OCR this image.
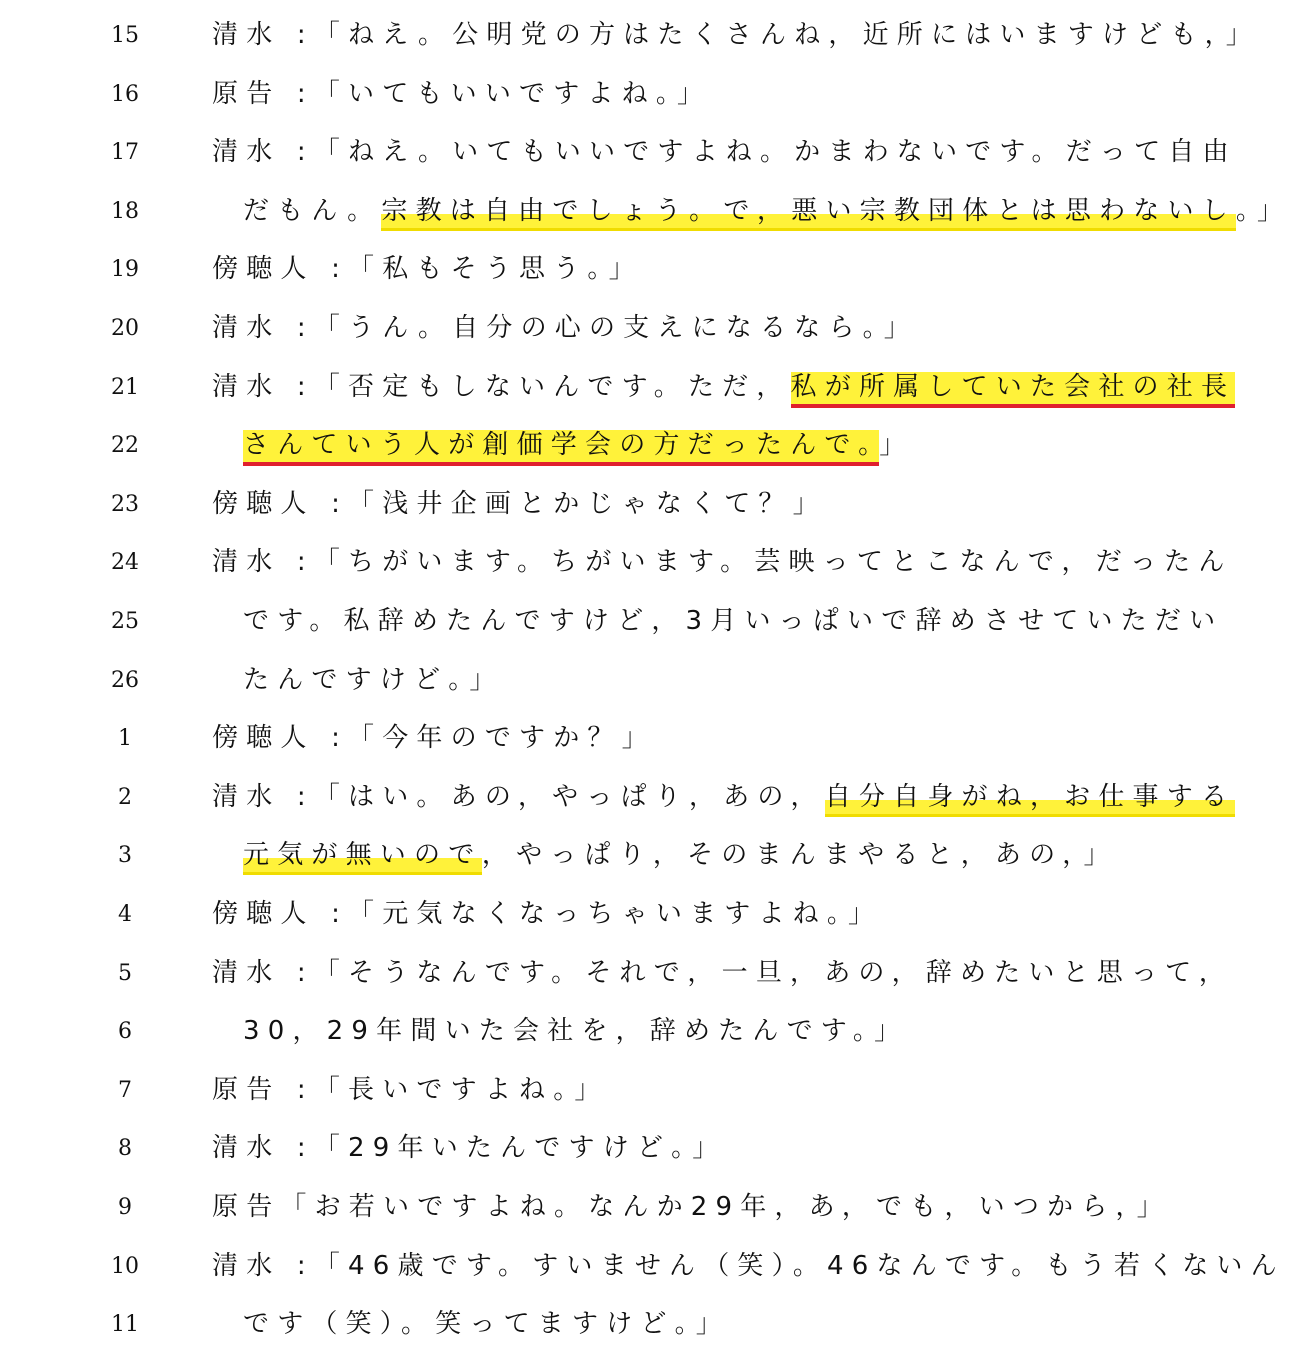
15	清水 :「ねえ。公明党の方はたくさんね，近所にはいますけども，」
16	原告 :「いてもいいですよね。」
17	清水 :「ねえ。いてもいいですよね。かまわないです。だって自由
18	だもん。宗教は自由でしょう。で，悪い宗教団体とは思わないし。」
19	傍聴人 :「私もそう思う。」
20	清水 :「うん。自分の心の支えになるなら。」
21	清水 :「否定もしないんです。ただ，私が所属していた会社の社長
22	さんていう人が創価学会の方だったんで。」
23	傍聴人 :「浅井企画とかじゃなくて？」
24	清水 :「ちがいます。ちがいます。芸映ってとこなんで，だったん
25	です。私辞めたんですけど，3月いっぱいで辞めさせていただい
26	たんですけど。」
1	傍聴人 :「今年のですか？」
2	清水 :「はい。あの，やっぱり，あの，自分自身がね，お仕事する
3	元気が無いので，やっぱり，そのまんまやると，あの，」
4	傍聴人 :「元気なくなっちゃいますよね。」
5	清水 :「そうなんです。それで，一旦，あの，辞めたいと思って，
6	30，29年間いた会社を，辞めたんです。」
7	原告 :「長いですよね。」
8	清水 :「29年いたんですけど。」
9	原告「お若いですよね。なんか29年，あ，でも，いつから，」
10	清水 :「46歳です。すいません（笑）。46なんです。もう若くないん
11	です（笑）。笑ってますけど。」
